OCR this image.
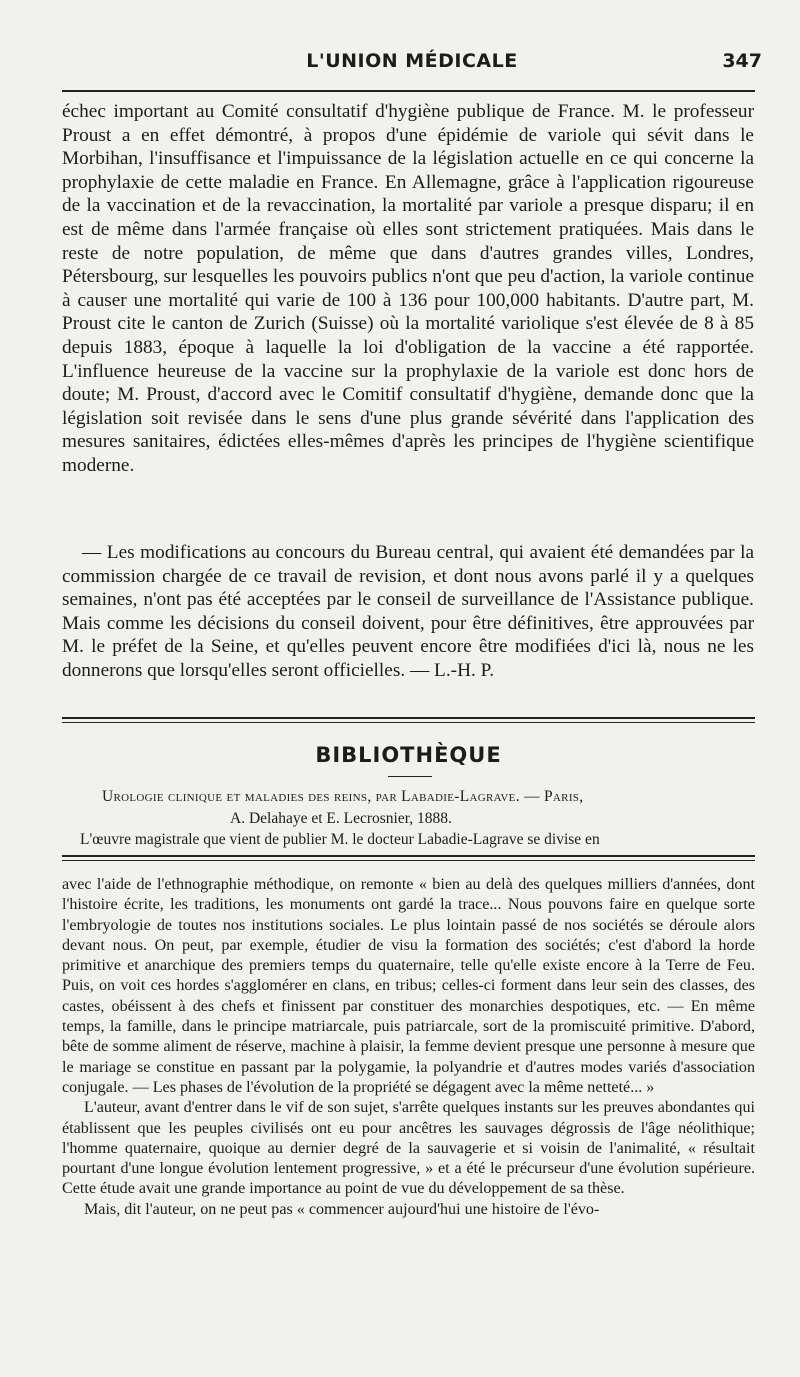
L'UNION MÉDICALE	347

échec important au Comité consultatif d'hygiène publique de France. M. le professeur Proust a en effet démontré, à propos d'une épidémie de variole qui sévit dans le Morbihan, l'insuffisance et l'impuissance de la législation actuelle en ce qui concerne la prophylaxie de cette maladie en France. En Allemagne, grâce à l'application rigoureuse de la vaccination et de la revaccination, la mortalité par variole a presque disparu; il en est de même dans l'armée française où elles sont strictement pratiquées. Mais dans le reste de notre population, de même que dans d'autres grandes villes, Londres, Pétersbourg, sur lesquelles les pouvoirs publics n'ont que peu d'action, la variole continue à causer une mortalité qui varie de 100 à 136 pour 100,000 habitants. D'autre part, M. Proust cite le canton de Zurich (Suisse) où la mortalité variolique s'est élevée de 8 à 85 depuis 1883, époque à laquelle la loi d'obligation de la vaccine a été rapportée. L'influence heureuse de la vaccine sur la prophylaxie de la variole est donc hors de doute; M. Proust, d'accord avec le Comitif consultatif d'hygiène, demande donc que la législation soit revisée dans le sens d'une plus grande sévérité dans l'application des mesures sanitaires, édictées elles-mêmes d'après les principes de l'hygiène scientifique moderne.

— Les modifications au concours du Bureau central, qui avaient été demandées par la commission chargée de ce travail de revision, et dont nous avons parlé il y a quelques semaines, n'ont pas été acceptées par le conseil de surveillance de l'Assistance publique. Mais comme les décisions du conseil doivent, pour être définitives, être approuvées par M. le préfet de la Seine, et qu'elles peuvent encore être modifiées d'ici là, nous ne les donnerons que lorsqu'elles seront officielles. — L.-H. P.

BIBLIOTHÈQUE
Urologie clinique et maladies des reins, par Labadie-Lagrave. — Paris,
A. Delahaye et E. Lecrosnier, 1888.
L'œuvre magistrale que vient de publier M. le docteur Labadie-Lagrave se divise en

avec l'aide de l'ethnographie méthodique, on remonte « bien au delà des quelques milliers d'années, dont l'histoire écrite, les traditions, les monuments ont gardé la trace... Nous pouvons faire en quelque sorte l'embryologie de toutes nos institutions sociales. Le plus lointain passé de nos sociétés se déroule alors devant nous. On peut, par exemple, étudier de visu la formation des sociétés; c'est d'abord la horde primitive et anarchique des premiers temps du quaternaire, telle qu'elle existe encore à la Terre de Feu. Puis, on voit ces hordes s'agglomérer en clans, en tribus; celles-ci forment dans leur sein des classes, des castes, obéissent à des chefs et finissent par constituer des monarchies despotiques, etc. — En même temps, la famille, dans le principe matriarcale, puis patriarcale, sort de la promiscuité primitive. D'abord, bête de somme aliment de réserve, machine à plaisir, la femme devient presque une personne à mesure que le mariage se constitue en passant par la polygamie, la polyandrie et d'autres modes variés d'association conjugale. — Les phases de l'évolution de la propriété se dégagent avec la même netteté... »

L'auteur, avant d'entrer dans le vif de son sujet, s'arrête quelques instants sur les preuves abondantes qui établissent que les peuples civilisés ont eu pour ancêtres les sauvages dégrossis de l'âge néolithique; l'homme quaternaire, quoique au dernier degré de la sauvagerie et si voisin de l'animalité, « résultait pourtant d'une longue évolution lentement progressive, » et a été le précurseur d'une évolution supérieure. Cette étude avait une grande importance au point de vue du développement de sa thèse.

Mais, dit l'auteur, on ne peut pas « commencer aujourd'hui une histoire de l'évo-
